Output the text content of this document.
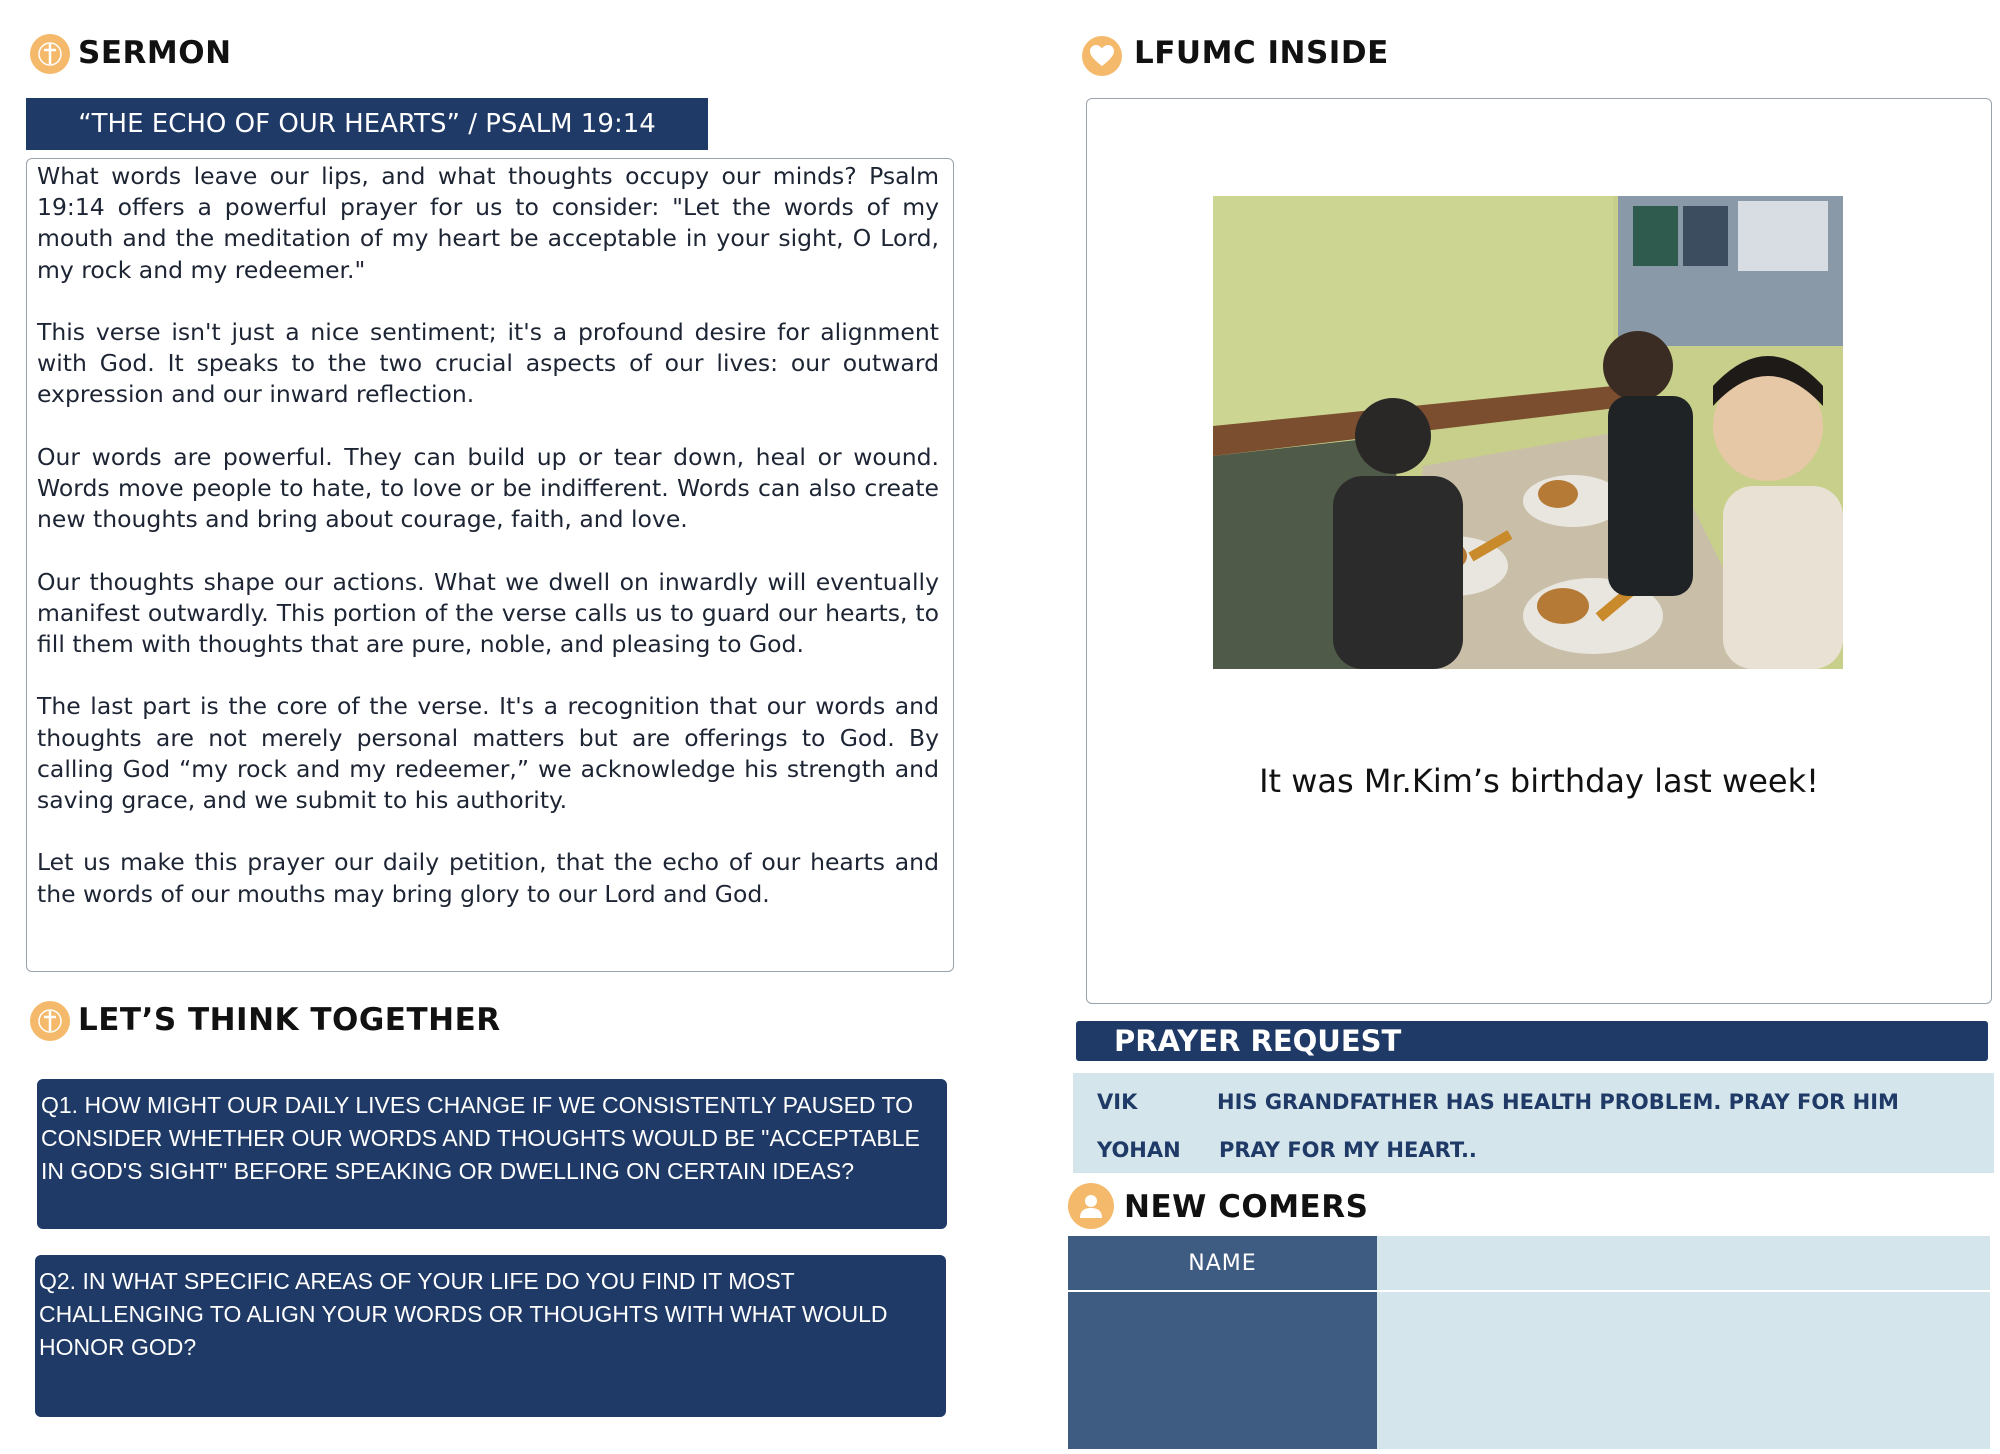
SERMON
“THE ECHO OF OUR HEARTS” / PSALM 19:14

What words leave our lips, and what thoughts occupy our minds? Psalm 19:14 offers a powerful prayer for us to consider: "Let the words of my mouth and the meditation of my heart be acceptable in your sight, O Lord, my rock and my redeemer."

This verse isn't just a nice sentiment; it's a profound desire for alignment with God. It speaks to the two crucial aspects of our lives: our outward expression and our inward reflection.

Our words are powerful. They can build up or tear down, heal or wound. Words move people to hate, to love or be indifferent. Words can also create new thoughts and bring about courage, faith, and love.

Our thoughts shape our actions. What we dwell on inwardly will eventually manifest outwardly. This portion of the verse calls us to guard our hearts, to fill them with thoughts that are pure, noble, and pleasing to God.

The last part is the core of the verse. It's a recognition that our words and thoughts are not merely personal matters but are offerings to God. By calling God “my rock and my redeemer,” we acknowledge his strength and saving grace, and we submit to his authority.

Let us make this prayer our daily petition, that the echo of our hearts and the words of our mouths may bring glory to our Lord and God.

LET’S THINK TOGETHER
Q1. HOW MIGHT OUR DAILY LIVES CHANGE IF WE CONSISTENTLY PAUSED TO CONSIDER WHETHER OUR WORDS AND THOUGHTS WOULD BE "ACCEPTABLE IN GOD'S SIGHT" BEFORE SPEAKING OR DWELLING ON CERTAIN IDEAS?
Q2. IN WHAT SPECIFIC AREAS OF YOUR LIFE DO YOU FIND IT MOST CHALLENGING TO ALIGN YOUR WORDS OR THOUGHTS WITH WHAT WOULD HONOR GOD?
LFUMC INSIDE
It was Mr.Kim’s birthday last week!
PRAYER REQUEST
VIK	HIS GRANDFATHER HAS HEALTH PROBLEM. PRAY FOR HIM
YOHAN PRAY FOR MY HEART..
NEW COMERS
NAME
